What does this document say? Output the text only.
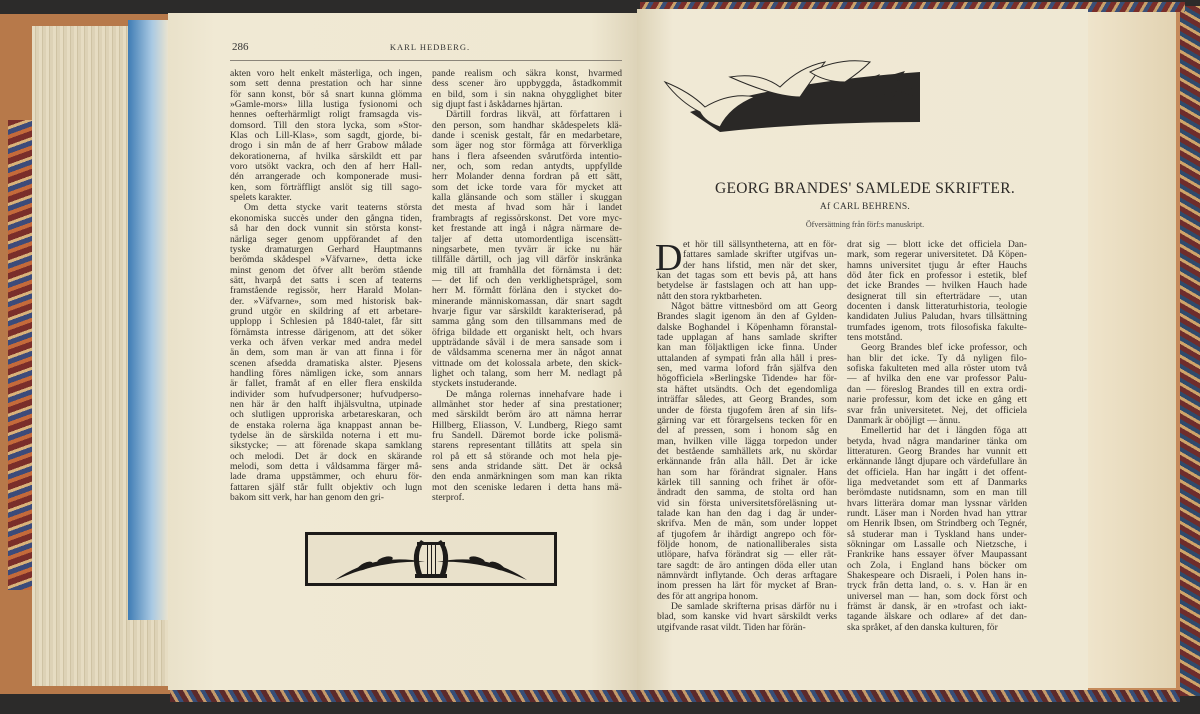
286	KARL HEDBERG.
akten voro helt enkelt mästerliga, och ingen,
som sett denna prestation och har sinne
för sann konst, bör så snart kunna glömma
»Gamle-mors» lilla lustiga fysionomi och
hennes oefterhärmligt roligt framsagda vis-
domsord. Till den stora lycka, som »Stor-
Klas och Lill-Klas», som sagdt, gjorde, bi-
drogo i sin mån de af herr Grabow målade
dekorationerna, af hvilka särskildt ett par
voro utsökt vackra, och den af herr Hall-
dén arrangerade och komponerade musi-
ken, som förträffligt anslöt sig till sago-
spelets karakter.
Om detta stycke varit teaterns största
ekonomiska succès under den gångna tiden,
så har den dock vunnit sin största konst-
närliga seger genom uppförandet af den
tyske dramaturgen Gerhard Hauptmanns
berömda skådespel »Väfvarne», detta icke
minst genom det öfver allt beröm stående
sätt, hvarpå det satts i scen af teaterns
framstående regissör, herr Harald Molan-
der. »Väfvarne», som med historisk bak-
grund utgör en skildring af ett arbetare-
upplopp i Schlesien på 1840-talet, får sitt
förnämsta intresse därigenom, att det söker
verka och äfven verkar med andra medel
än dem, som man är van att finna i för
scenen afsedda dramatiska alster. Pjesens
handling föres nämligen icke, som annars
är fallet, framåt af en eller flera enskilda
individer som hufvudpersoner; hufvudperso-
nen här är den halft ihjälsvultna, utpinade
och slutligen upproriska arbetareskaran, och
de enstaka rolerna äga knappast annan be-
tydelse än de särskilda noterna i ett mu-
sikstycke; — att förenade skapa samklang
och melodi. Det är dock en skärande
melodi, som detta i våldsamma färger må-
lade drama uppstämmer, och ehuru för-
fattaren själf står fullt objektiv och lugn
bakom sitt verk, har han genom den gri-
pande realism och säkra konst, hvarmed
dess scener äro uppbyggda, åstadkommit
en bild, som i sin nakna ohygglighet biter
sig djupt fast i åskådarnes hjärtan.
Därtill fordras likväl, att författaren i
den person, som handhar skådespelets klä-
dande i scenisk gestalt, får en medarbetare,
som äger nog stor förmåga att förverkliga
hans i flera afseenden svårutförda intentio-
ner, och, som redan antydts, uppfyllde
herr Molander denna fordran på ett sätt,
som det icke torde vara för mycket att
kalla glänsande och som ställer i skuggan
det mesta af hvad som här i landet
frambragts af regissörskonst. Det vore myc-
ket frestande att ingå i några närmare de-
taljer af detta utomordentliga iscensätt-
ningsarbete, men tyvärr är icke nu här
tillfälle därtill, och jag vill därför inskränka
mig till att framhålla det förnämsta i det:
— det lif och den verklighetsprägel, som
herr M. förmått förläna den i stycket do-
minerande människomassan, där snart sagdt
hvarje figur var särskildt karakteriserad, på
samma gång som den tillsammans med de
öfriga bildade ett organiskt helt, och hvars
uppträdande såväl i de mera sansade som i
de våldsamma scenerna mer än något annat
vittnade om det kolossala arbete, den skick-
lighet och talang, som herr M. nedlagt på
styckets instuderande.
De många rolernas innehafvare hade i
allmänhet stor heder af sina prestationer;
med särskildt beröm äro att nämna herrar
Hillberg, Eliasson, V. Lundberg, Riego samt
fru Sandell. Däremot borde icke polismä-
starens representant tillåtits att spela sin
rol på ett så störande och mot hela pje-
sens anda stridande sätt. Det är också
den enda anmärkningen som man kan rikta
mot den sceniske ledaren i detta hans mä-
sterprof.
GEORG BRANDES' SAMLEDE SKRIFTER.
Af CARL BEHRENS.
Öfversättning från förf:s manuskript.
D et hör till sällsyntheterna, att en för-
fattares samlade skrifter utgifvas un-
der hans lifstid, men när det sker,
kan det tagas som ett bevis på, att hans
betydelse är fastslagen och att han upp-
nått den stora ryktbarheten.
Något bättre vittnesbörd om att Georg
Brandes slagit igenom än den af Gylden-
dalske Boghandel i Köpenhamn föranstal-
tade upplagan af hans samlade skrifter
kan man följaktligen icke finna. Under
uttalanden af sympati från alla håll i pres-
sen, med varma loford från själfva den
högofficiela »Berlingske Tidende» har för-
sta häftet utsändts. Och det egendomliga
inträffar således, att Georg Brandes, som
under de första tjugofem åren af sin lifs-
gärning var ett förargelsens tecken för en
del af pressen, som i honom såg en
man, hvilken ville lägga torpedon under
det bestående samhällets ark, nu skördar
erkännande från alla håll. Det är icke
han som har förändrat signaler. Hans
kärlek till sanning och frihet är oför-
ändradt den samma, de stolta ord han
vid sin första universitetsföreläsning ut-
talade kan han den dag i dag är under-
skrifva. Men de män, som under loppet
af tjugofem år ihärdigt angrepo och för-
följde honom, de nationalliberales sista
utlöpare, hafva förändrat sig — eller rät-
tare sagdt: de äro antingen döda eller utan
nämnvärdt inflytande. Och deras arftagare
inom pressen ha lärt för mycket af Bran-
des för att angripa honom.
De samlade skrifterna prisas därför nu i
blad, som kanske vid hvart särskildt verks
utgifvande rasat vildt. Tiden har förän-
drat sig — blott icke det officiela Dan-
mark, som regerar universitetet. Då Köpen-
hamns universitet tjugu år efter Hauchs
död åter fick en professor i estetik, blef
det icke Brandes — hvilken Hauch hade
designerat till sin efterträdare —, utan
docenten i dansk litteraturhistoria, teologie
kandidaten Julius Paludan, hvars tillsättning
trumfades igenom, trots filosofiska fakulte-
tens motstånd.
Georg Brandes blef icke professor, och
han blir det icke. Ty då nyligen filo-
sofiska fakulteten med alla röster utom två
— af hvilka den ene var professor Palu-
dan — föreslog Brandes till en extra ordi-
narie professur, kom det icke en gång ett
svar från universitetet. Nej, det officiela
Danmark är oböjligt — ännu.
Emellertid har det i längden föga att
betyda, hvad några mandariner tänka om
litteraturen. Georg Brandes har vunnit ett
erkännande långt djupare och värdefullare än
det officiela. Han har ingått i det offent-
liga medvetandet som ett af Danmarks
berömdaste nutidsnamn, som en man till
hvars litterära domar man lyssnar världen
rundt. Läser man i Norden hvad han yttrar
om Henrik Ibsen, om Strindberg och Tegnér,
så studerar man i Tyskland hans under-
sökningar om Lassalle och Nietzsche, i
Frankrike hans essayer öfver Maupassant
och Zola, i England hans böcker om
Shakespeare och Disraeli, i Polen hans in-
tryck från detta land, o. s. v. Han är en
universel man — han, som dock först och
främst är dansk, är en »trofast och iakt-
tagande älskare och odlare» af det dan-
ska språket, af den danska kulturen, för
